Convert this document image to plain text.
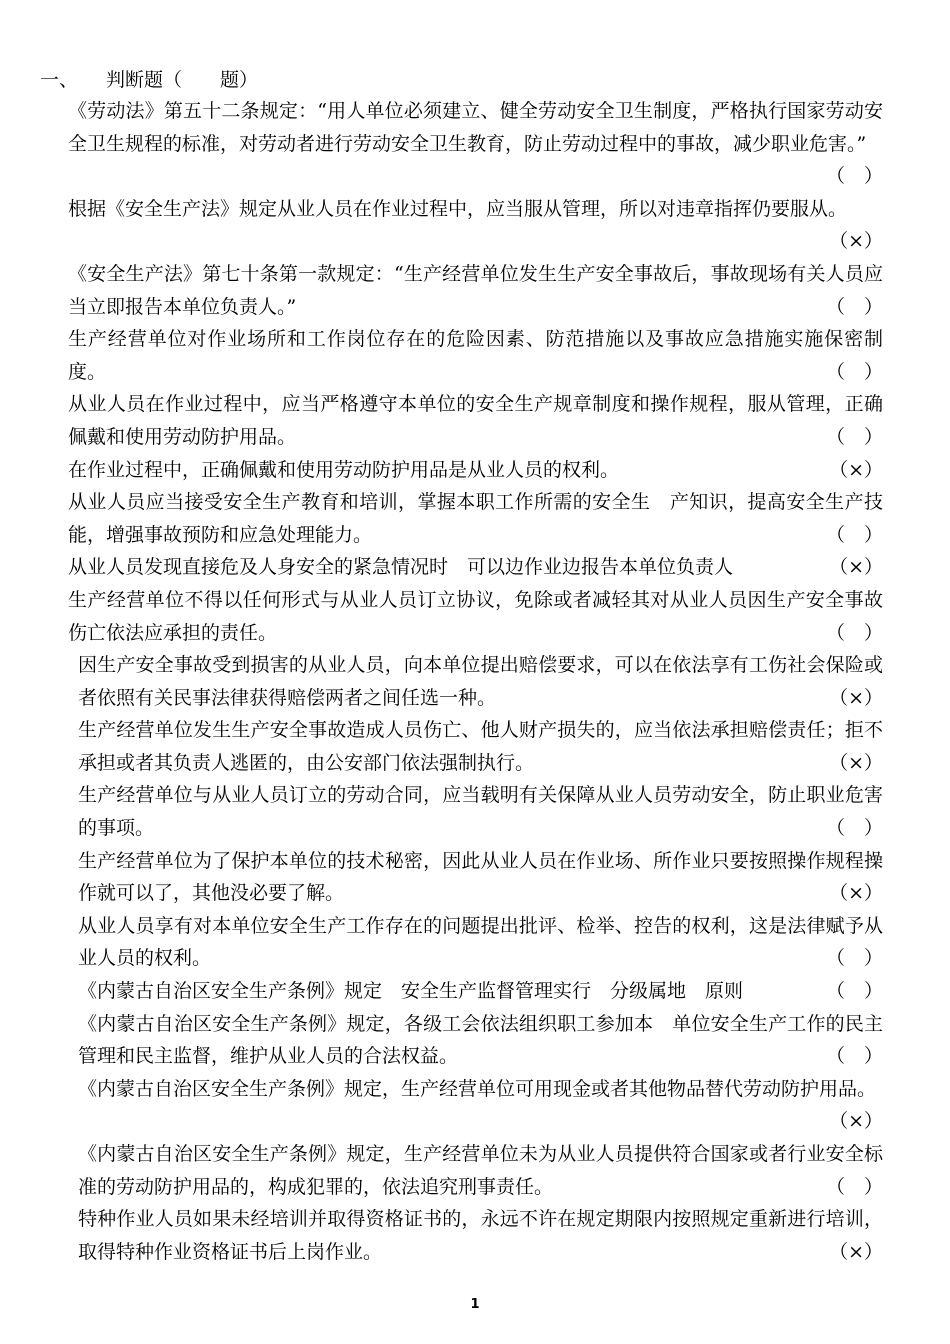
一、 判断题（　　题）
《劳动法》第五十二条规定：“用人单位必须建立、健全劳动安全卫生制度，严格执行国家劳动安全卫生规程的标准，对劳动者进行劳动安全卫生教育，防止劳动过程中的事故，减少职业危害。”
（　）
根据《安全生产法》规定从业人员在作业过程中，应当服从管理，所以对违章指挥仍要服从。
（×）
《安全生产法》第七十条第一款规定：“生产经营单位发生生产安全事故后，事故现场有关人员应当立即报告本单位负责人。”	（　）
生产经营单位对作业场所和工作岗位存在的危险因素、防范措施以及事故应急措施实施保密制度。	（　）
从业人员在作业过程中，应当严格遵守本单位的安全生产规章制度和操作规程，服从管理，正确佩戴和使用劳动防护用品。	（　）
在作业过程中，正确佩戴和使用劳动防护用品是从业人员的权利。	（×）
从业人员应当接受安全生产教育和培训，掌握本职工作所需的安全生　产知识，提高安全生产技能，增强事故预防和应急处理能力。	（　）
从业人员发现直接危及人身安全的紧急情况时　可以边作业边报告本单位负责人	（×）
生产经营单位不得以任何形式与从业人员订立协议，免除或者减轻其对从业人员因生产安全事故伤亡依法应承担的责任。	（　）
因生产安全事故受到损害的从业人员，向本单位提出赔偿要求，可以在依法享有工伤社会保险或者依照有关民事法律获得赔偿两者之间任选一种。	（×）
生产经营单位发生生产安全事故造成人员伤亡、他人财产损失的，应当依法承担赔偿责任；拒不承担或者其负责人逃匿的，由公安部门依法强制执行。	（×）
生产经营单位与从业人员订立的劳动合同，应当载明有关保障从业人员劳动安全，防止职业危害的事项。	（　）
生产经营单位为了保护本单位的技术秘密，因此从业人员在作业场、所作业只要按照操作规程操作就可以了，其他没必要了解。	（×）
从业人员享有对本单位安全生产工作存在的问题提出批评、检举、控告的权利，这是法律赋予从业人员的权利。	（　）
《内蒙古自治区安全生产条例》规定　安全生产监督管理实行　分级属地　原则	（　）
《内蒙古自治区安全生产条例》规定，各级工会依法组织职工参加本　单位安全生产工作的民主管理和民主监督，维护从业人员的合法权益。	（　）
《内蒙古自治区安全生产条例》规定，生产经营单位可用现金或者其他物品替代劳动防护用品。
（×）
《内蒙古自治区安全生产条例》规定，生产经营单位未为从业人员提供符合国家或者行业安全标准的劳动防护用品的，构成犯罪的，依法追究刑事责任。	（　）
特种作业人员如果未经培训并取得资格证书的，永远不许在规定期限内按照规定重新进行培训，取得特种作业资格证书后上岗作业。	（×）
1
